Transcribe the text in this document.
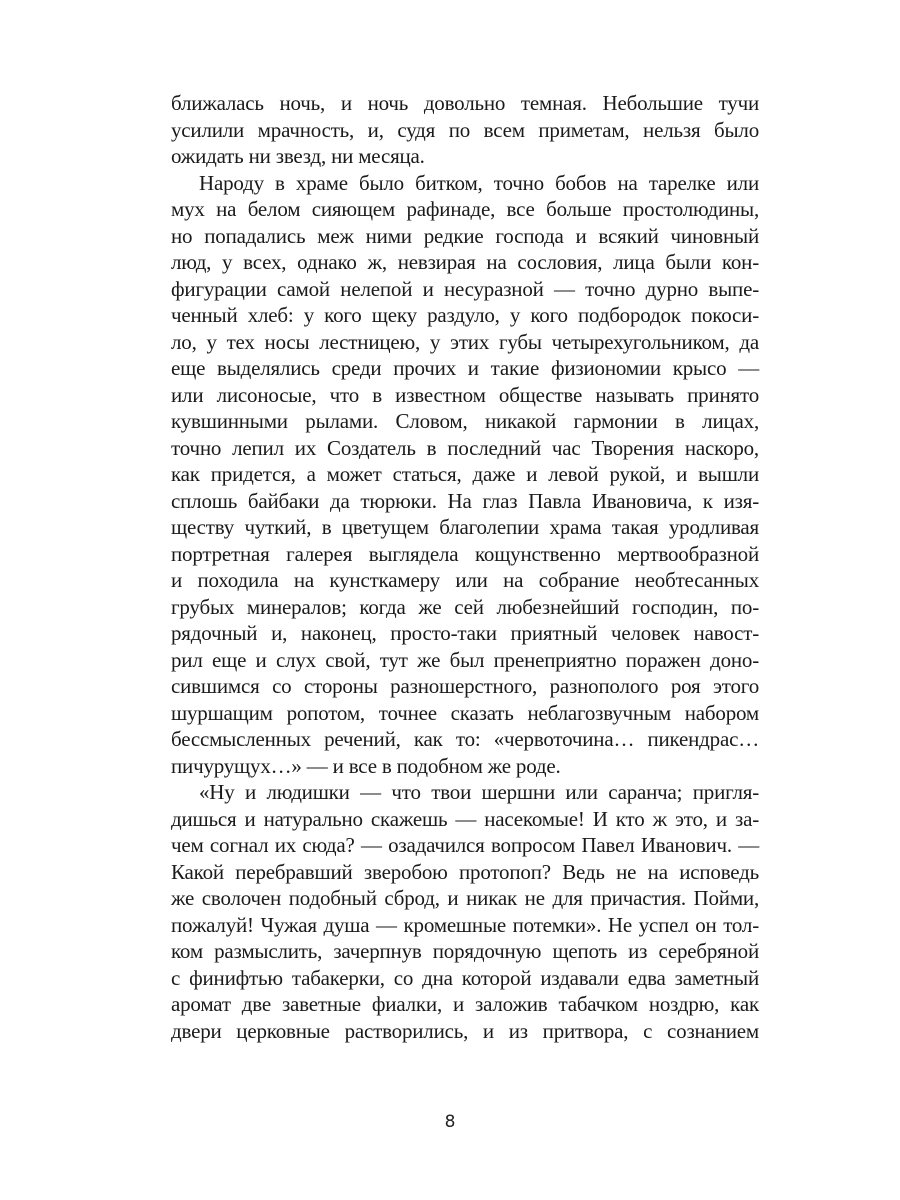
ближалась ночь, и ночь довольно темная. Небольшие тучи
усилили мрачность, и, судя по всем приметам, нельзя было
ожидать ни звезд, ни месяца.
Народу в храме было битком, точно бобов на тарелке или
мух на белом сияющем рафинаде, все больше простолюдины,
но попадались меж ними редкие господа и всякий чиновный
люд, у всех, однако ж, невзирая на сословия, лица были кон-
фигурации самой нелепой и несуразной — точно дурно выпе-
ченный хлеб: у кого щеку раздуло, у кого подбородок покоси-
ло, у тех носы лестницею, у этих губы четырехугольником, да
еще выделялись среди прочих и такие физиономии крысо —
или лисоносые, что в известном обществе называть принято
кувшинными рылами. Словом, никакой гармонии в лицах,
точно лепил их Создатель в последний час Творения наскоро,
как придется, а может статься, даже и левой рукой, и вышли
сплошь байбаки да тюрюки. На глаз Павла Ивановича, к изя-
ществу чуткий, в цветущем благолепии храма такая уродливая
портретная галерея выглядела кощунственно мертвообразной
и походила на кунсткамеру или на собрание необтесанных
грубых минералов; когда же сей любезнейший господин, по-
рядочный и, наконец, просто-таки приятный человек навост-
рил еще и слух свой, тут же был пренеприятно поражен доно-
сившимся со стороны разношерстного, разнополого роя этого
шуршащим ропотом, точнее сказать неблагозвучным набором
бессмысленных речений, как то: «червоточина… пикендрас…
пичурущух…» — и все в подобном же роде.
«Ну и людишки — что твои шершни или саранча; пригля-
дишься и натурально скажешь — насекомые! И кто ж это, и за-
чем согнал их сюда? — озадачился вопросом Павел Иванович. —
Какой перебравший зверобою протопоп? Ведь не на исповедь
же сволочен подобный сброд, и никак не для причастия. Пойми,
пожалуй! Чужая душа — кромешные потемки». Не успел он тол-
ком размыслить, зачерпнув порядочную щепоть из серебряной
с финифтью табакерки, со дна которой издавали едва заметный
аромат две заветные фиалки, и заложив табачком ноздрю, как
двери церковные растворились, и из притвора, с сознанием
8
